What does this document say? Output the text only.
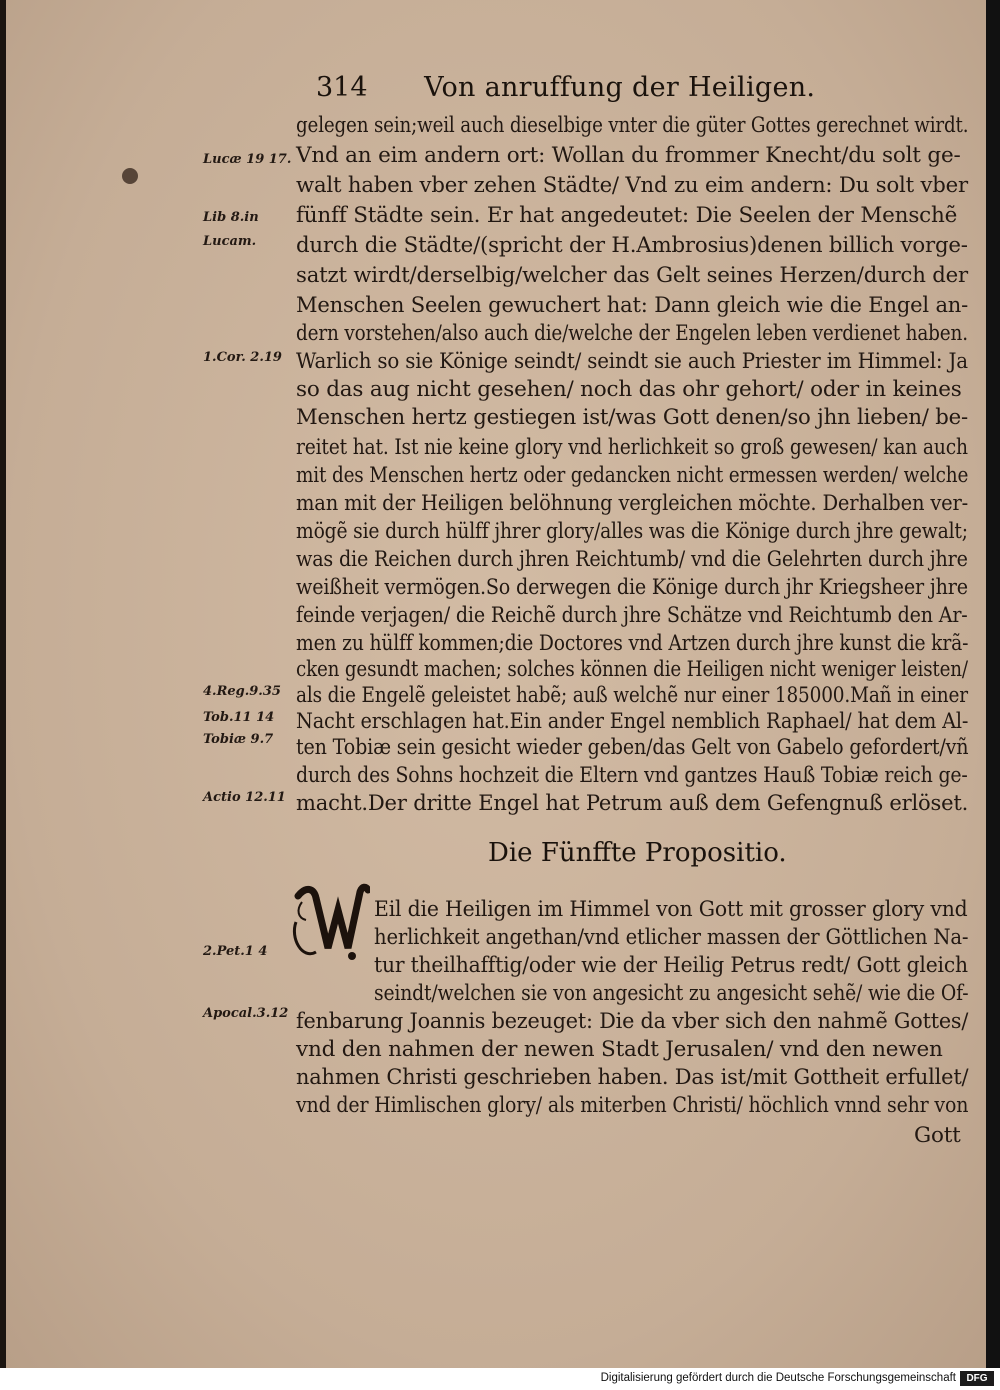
314 Von anruffung der Heiligen.
Lucæ 19 17.
Lib 8.in
Lucam.
1.Cor. 2.19
4.Reg.9.35
Tob.11 14
Tobiæ 9.7
Actio 12.11
2.Pet.1 4
Apocal.3.12
gelegen sein;weil auch dieselbige vnter die güter Gottes gerechnet wirdt.
Vnd an eim andern ort: Wollan du frommer Knecht/du solt ge-
walt haben vber zehen Städte/ Vnd zu eim andern: Du solt vber
fünff Städte sein. Er hat angedeutet: Die Seelen der Menschẽ
durch die Städte/(spricht der H.Ambrosius)denen billich vorge-
satzt wirdt/derselbig/welcher das Gelt seines Herzen/durch der
Menschen Seelen gewuchert hat: Dann gleich wie die Engel an-
dern vorstehen/also auch die/welche der Engelen leben verdienet haben.
Warlich so sie Könige seindt/ seindt sie auch Priester im Himmel: Ja
so das aug nicht gesehen/ noch das ohr gehort/ oder in keines
Menschen hertz gestiegen ist/was Gott denen/so jhn lieben/ be-
reitet hat. Ist nie keine glory vnd herlichkeit so groß gewesen/ kan auch
mit des Menschen hertz oder gedancken nicht ermessen werden/ welche
man mit der Heiligen belöhnung vergleichen möchte. Derhalben ver-
mögẽ sie durch hülff jhrer glory/alles was die Könige durch jhre gewalt;
was die Reichen durch jhren Reichtumb/ vnd die Gelehrten durch jhre
weißheit vermögen.So derwegen die Könige durch jhr Kriegsheer jhre
feinde verjagen/ die Reichẽ durch jhre Schätze vnd Reichtumb den Ar-
men zu hülff kommen;die Doctores vnd Artzen durch jhre kunst die krã-
cken gesundt machen; solches können die Heiligen nicht weniger leisten/
als die Engelẽ geleistet habẽ; auß welchẽ nur einer 185000.Mañ in einer
Nacht erschlagen hat.Ein ander Engel nemblich Raphael/ hat dem Al-
ten Tobiæ sein gesicht wieder geben/das Gelt von Gabelo gefordert/vñ
durch des Sohns hochzeit die Eltern vnd gantzes Hauß Tobiæ reich ge-
macht.Der dritte Engel hat Petrum auß dem Gefengnuß erlöset.
Die Fünffte Propositio.
Eil die Heiligen im Himmel von Gott mit grosser glory vnd
herlichkeit angethan/vnd etlicher massen der Göttlichen Na-
tur theilhafftig/oder wie der Heilig Petrus redt/ Gott gleich
seindt/welchen sie von angesicht zu angesicht sehẽ/ wie die Of-
fenbarung Joannis bezeuget: Die da vber sich den nahmẽ Gottes/
vnd den nahmen der newen Stadt Jerusalen/ vnd den newen
nahmen Christi geschrieben haben. Das ist/mit Gottheit erfullet/
vnd der Himlischen glory/ als miterben Christi/ höchlich vnnd sehr von
Gott
Digitalisierung gefördert durch die Deutsche Forschungsgemeinschaft	DFG
